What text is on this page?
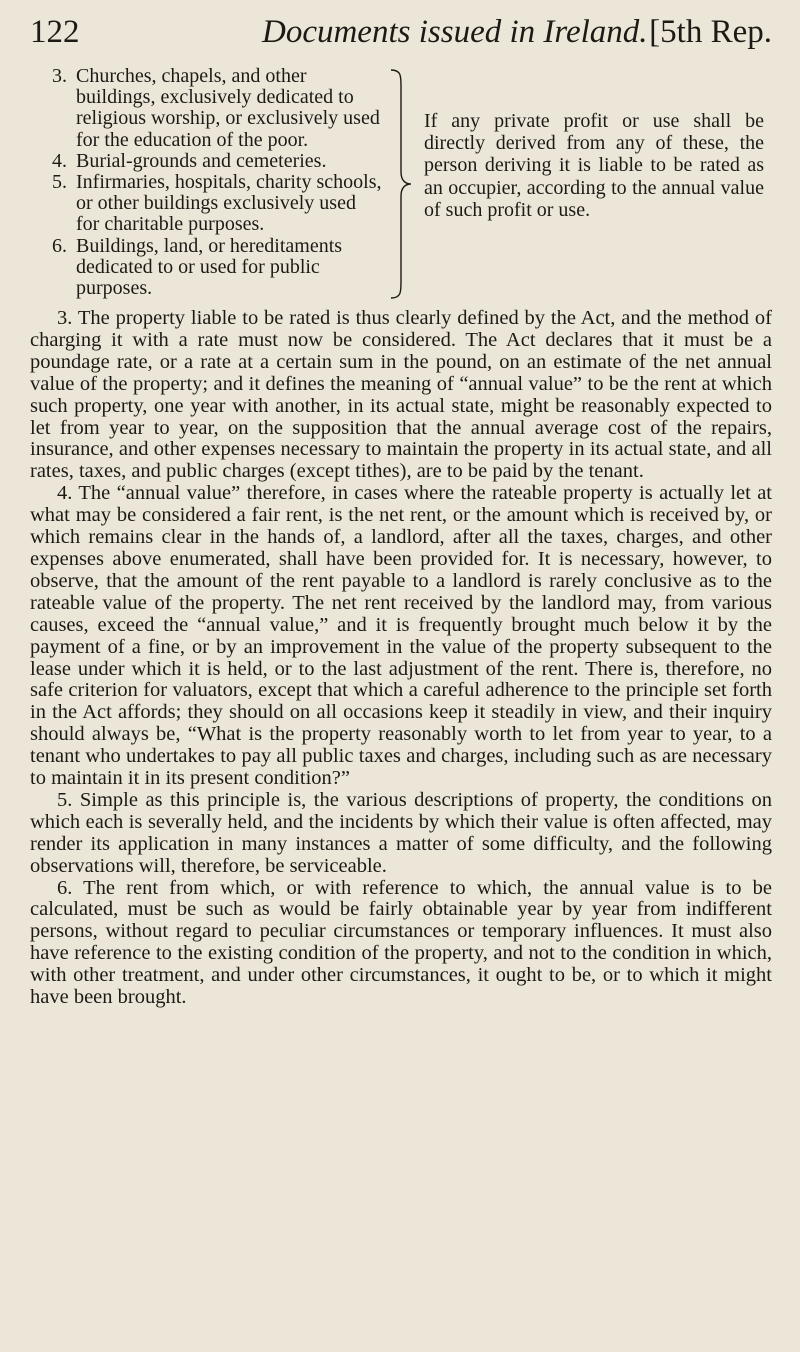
122	Documents issued in Ireland. [5th Rep.
3. Churches, chapels, and other buildings, exclusively dedicated to religious worship, or exclusively used for the education of the poor.
4. Burial-grounds and cemeteries.
5. Infirmaries, hospitals, charity schools, or other buildings exclusively used for charitable purposes.
6. Buildings, land, or hereditaments dedicated to or used for public purposes.
If any private profit or use shall be directly derived from any of these, the person deriving it is liable to be rated as an occupier, according to the annual value of such profit or use.

3. The property liable to be rated is thus clearly defined by the Act, and the method of charging it with a rate must now be considered. The Act declares that it must be a poundage rate, or a rate at a certain sum in the pound, on an estimate of the net annual value of the property; and it defines the meaning of “annual value” to be the rent at which such property, one year with another, in its actual state, might be reasonably expected to let from year to year, on the supposition that the annual average cost of the repairs, insurance, and other expenses necessary to maintain the property in its actual state, and all rates, taxes, and public charges (except tithes), are to be paid by the tenant.

4. The “annual value” therefore, in cases where the rateable property is actually let at what may be considered a fair rent, is the net rent, or the amount which is received by, or which remains clear in the hands of, a landlord, after all the taxes, charges, and other expenses above enumerated, shall have been provided for. It is necessary, however, to observe, that the amount of the rent payable to a landlord is rarely conclusive as to the rateable value of the property. The net rent received by the landlord may, from various causes, exceed the “annual value,” and it is frequently brought much below it by the payment of a fine, or by an improvement in the value of the property subsequent to the lease under which it is held, or to the last adjustment of the rent. There is, therefore, no safe criterion for valuators, except that which a careful adherence to the principle set forth in the Act affords; they should on all occasions keep it steadily in view, and their inquiry should always be, “What is the property reasonably worth to let from year to year, to a tenant who undertakes to pay all public taxes and charges, including such as are necessary to maintain it in its present condition?”

5. Simple as this principle is, the various descriptions of property, the conditions on which each is severally held, and the incidents by which their value is often affected, may render its application in many instances a matter of some difficulty, and the following observations will, therefore, be serviceable.

6. The rent from which, or with reference to which, the annual value is to be calculated, must be such as would be fairly obtainable year by year from indifferent persons, without regard to peculiar circumstances or temporary influences. It must also have reference to the existing condition of the property, and not to the condition in which, with other treatment, and under other circumstances, it ought to be, or to which it might have been brought.
